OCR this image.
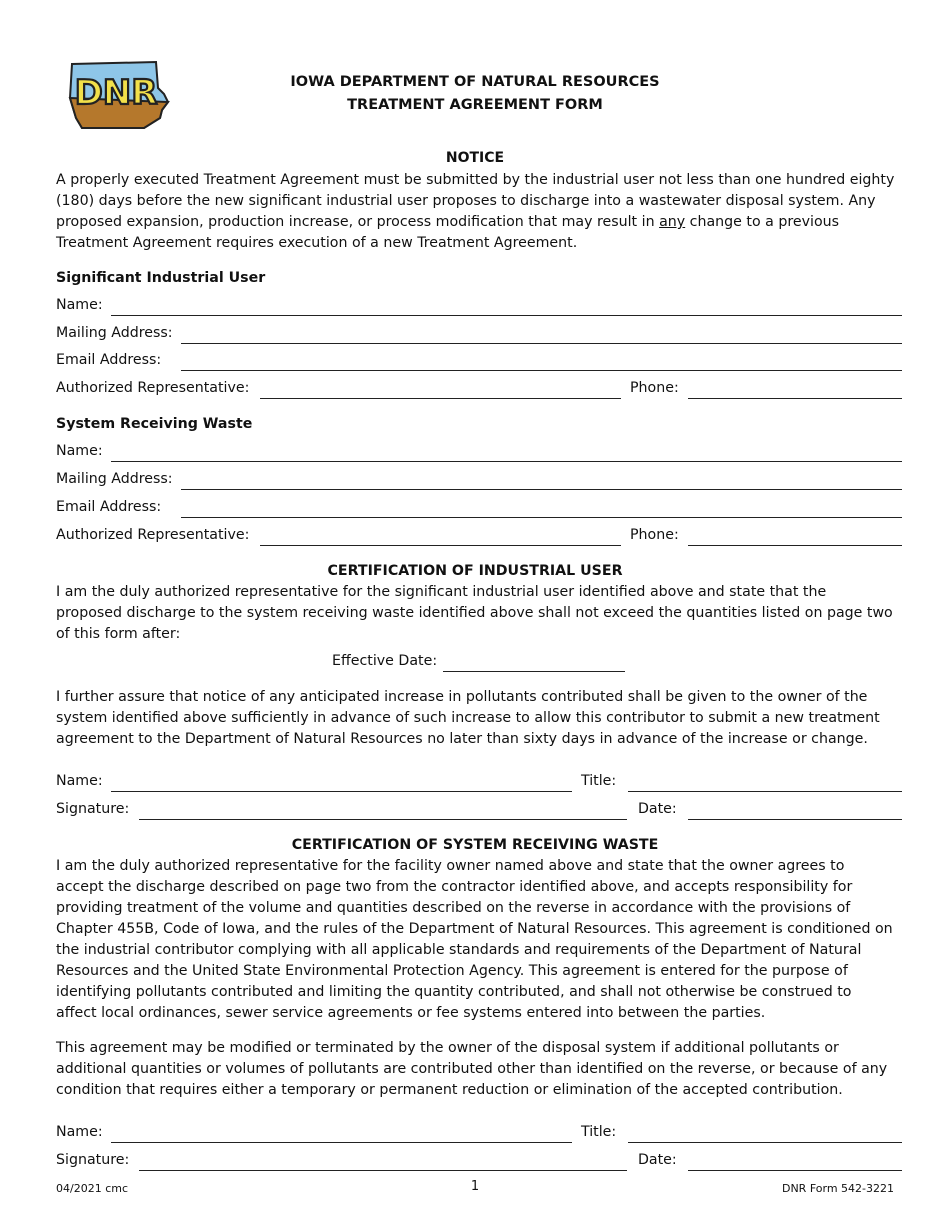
DNR	IOWA DEPARTMENT OF NATURAL RESOURCES
TREATMENT AGREEMENT FORM
NOTICE
A properly executed Treatment Agreement must be submitted by the industrial user not less than one hundred eighty (180) days before the new significant industrial user proposes to discharge into a wastewater disposal system. Any proposed expansion, production increase, or process modification that may result in any change to a previous Treatment Agreement requires execution of a new Treatment Agreement.
Significant Industrial User
Name:
Mailing Address:
Email Address:
Authorized Representative:	Phone:
System Receiving Waste
Name:
Mailing Address:
Email Address:
Authorized Representative:	Phone:
CERTIFICATION OF INDUSTRIAL USER
I am the duly authorized representative for the significant industrial user identified above and state that the proposed discharge to the system receiving waste identified above shall not exceed the quantities listed on page two of this form after:
Effective Date:
I further assure that notice of any anticipated increase in pollutants contributed shall be given to the owner of the system identified above sufficiently in advance of such increase to allow this contributor to submit a new treatment agreement to the Department of Natural Resources no later than sixty days in advance of the increase or change.
Name:	Title:
Signature:	Date:
CERTIFICATION OF SYSTEM RECEIVING WASTE
I am the duly authorized representative for the facility owner named above and state that the owner agrees to accept the discharge described on page two from the contractor identified above, and accepts responsibility for providing treatment of the volume and quantities described on the reverse in accordance with the provisions of Chapter 455B, Code of Iowa, and the rules of the Department of Natural Resources. This agreement is conditioned on the industrial contributor complying with all applicable standards and requirements of the Department of Natural Resources and the United State Environmental Protection Agency. This agreement is entered for the purpose of identifying pollutants contributed and limiting the quantity contributed, and shall not otherwise be construed to affect local ordinances, sewer service agreements or fee systems entered into between the parties.
This agreement may be modified or terminated by the owner of the disposal system if additional pollutants or additional quantities or volumes of pollutants are contributed other than identified on the reverse, or because of any condition that requires either a temporary or permanent reduction or elimination of the accepted contribution.
Name:	Title:
Signature:	Date:
04/2021 cmc	1	DNR Form 542-3221
